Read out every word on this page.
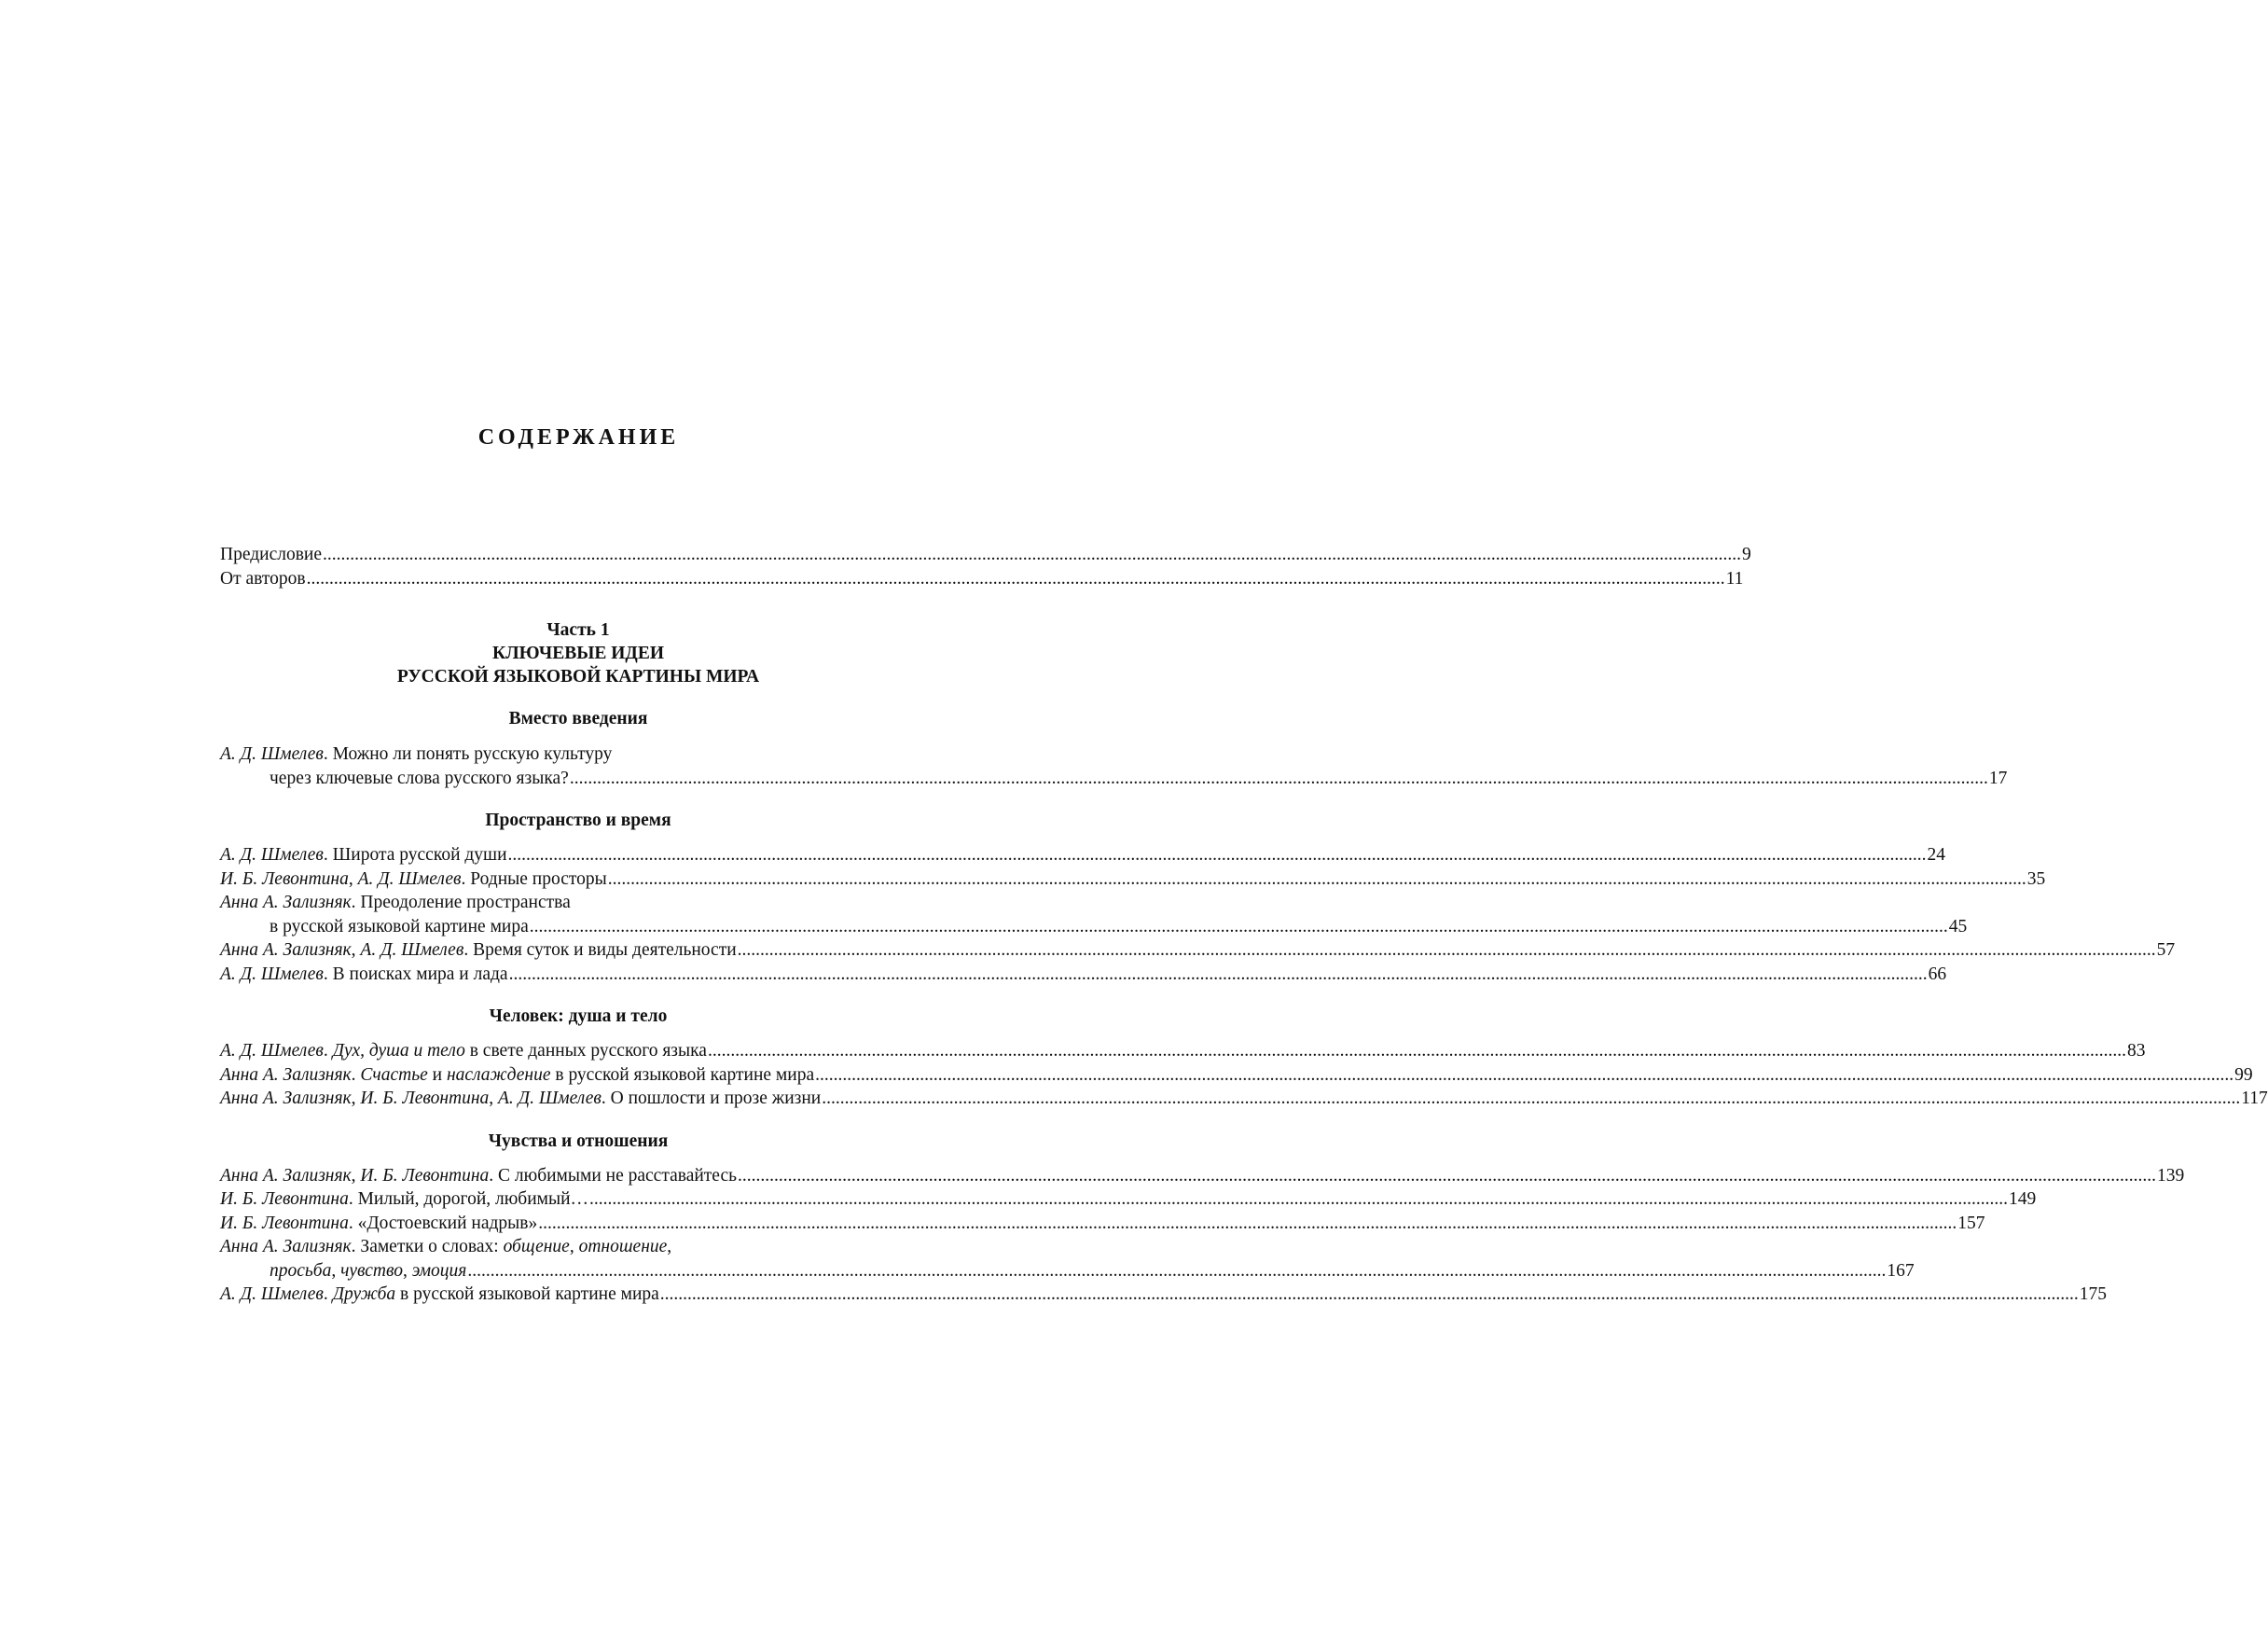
СОДЕРЖАНИЕ
Предисловие .....	9
От авторов .....	11
Часть 1
КЛЮЧЕВЫЕ ИДЕИ
РУССКОЙ ЯЗЫКОВОЙ КАРТИНЫ МИРА
Вместо введения
А. Д. Шмелев. Можно ли понять русскую культуру
через ключевые слова русского языка? .....	17
Пространство и время
А. Д. Шмелев. Широта русской души .....	24
И. Б. Левонтина, А. Д. Шмелев. Родные просторы .....	35
Анна А. Зализняк. Преодоление пространства
в русской языковой картине мира .....	45
Анна А. Зализняк, А. Д. Шмелев. Время суток и виды деятельности .....	57
А. Д. Шмелев. В поисках мира и лада .....	66
Человек: душа и тело
А. Д. Шмелев. Дух, душа и тело в свете данных русского языка .....	83
Анна А. Зализняк. Счастье и наслаждение в русской языковой картине мира .....	99
Анна А. Зализняк, И. Б. Левонтина, А. Д. Шмелев. О пошлости и прозе жизни .....	117
Чувства и отношения
Анна А. Зализняк, И. Б. Левонтина. С любимыми не расставайтесь .....	139
И. Б. Левонтина. Милый, дорогой, любимый… .....	149
И. Б. Левонтина. «Достоевский надрыв» .....	157
Анна А. Зализняк. Заметки о словах: общение, отношение,
просьба, чувство, эмоция .....	167
А. Д. Шмелев. Дружба в русской языковой картине мира .....	175
